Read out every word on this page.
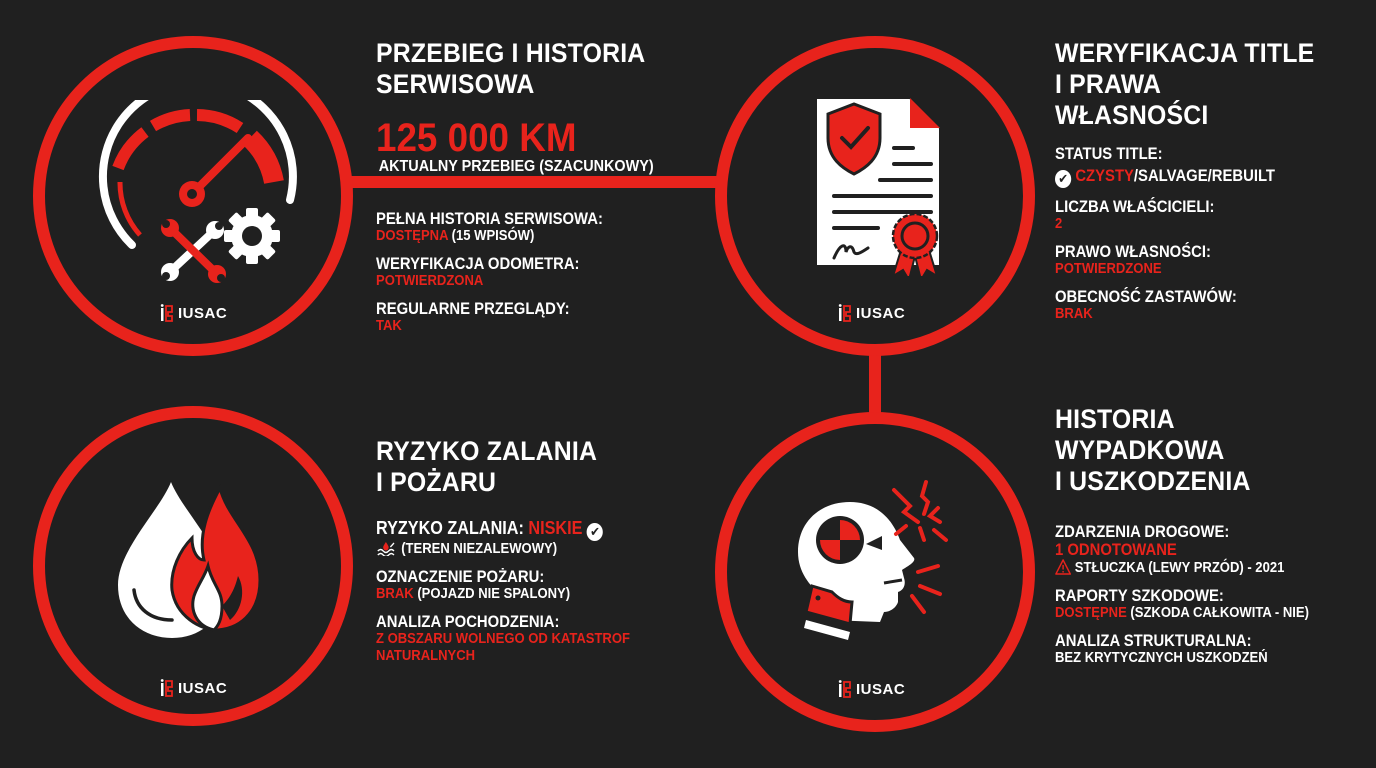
IUSAC	IUSAC
IUSAC	IUSAC
PRZEBIEG I HISTORIA
SERWISOWA
125 000 KM
AKTUALNY PRZEBIEG (SZACUNKOWY)
PEŁNA HISTORIA SERWISOWA:
DOSTĘPNA (15 WPISÓW)
WERYFIKACJA ODOMETRA:
POTWIERDZONA
REGULARNE PRZEGLĄDY:
TAK
WERYFIKACJA TITLE
I PRAWA
WŁASNOŚCI
STATUS TITLE:
✔ CZYSTY/SALVAGE/REBUILT
LICZBA WŁAŚCICIELI:
2
PRAWO WŁASNOŚCI:
POTWIERDZONE
OBECNOŚĆ ZASTAWÓW:
BRAK
RYZYKO ZALANIA
I POŻARU
RYZYKO ZALANIA: NISKIE ✔
(TEREN NIEZALEWOWY)
OZNACZENIE POŻARU:
BRAK (POJAZD NIE SPALONY)
ANALIZA POCHODZENIA:
Z OBSZARU WOLNEGO OD KATASTROF
NATURALNYCH
HISTORIA
WYPADKOWA
I USZKODZENIA
ZDARZENIA DROGOWE:
1 ODNOTOWANE
STŁUCZKA (LEWY PRZÓD) - 2021
RAPORTY SZKODOWE:
DOSTĘPNE (SZKODA CAŁKOWITA - NIE)
ANALIZA STRUKTURALNA:
BEZ KRYTYCZNYCH USZKODZEŃ
